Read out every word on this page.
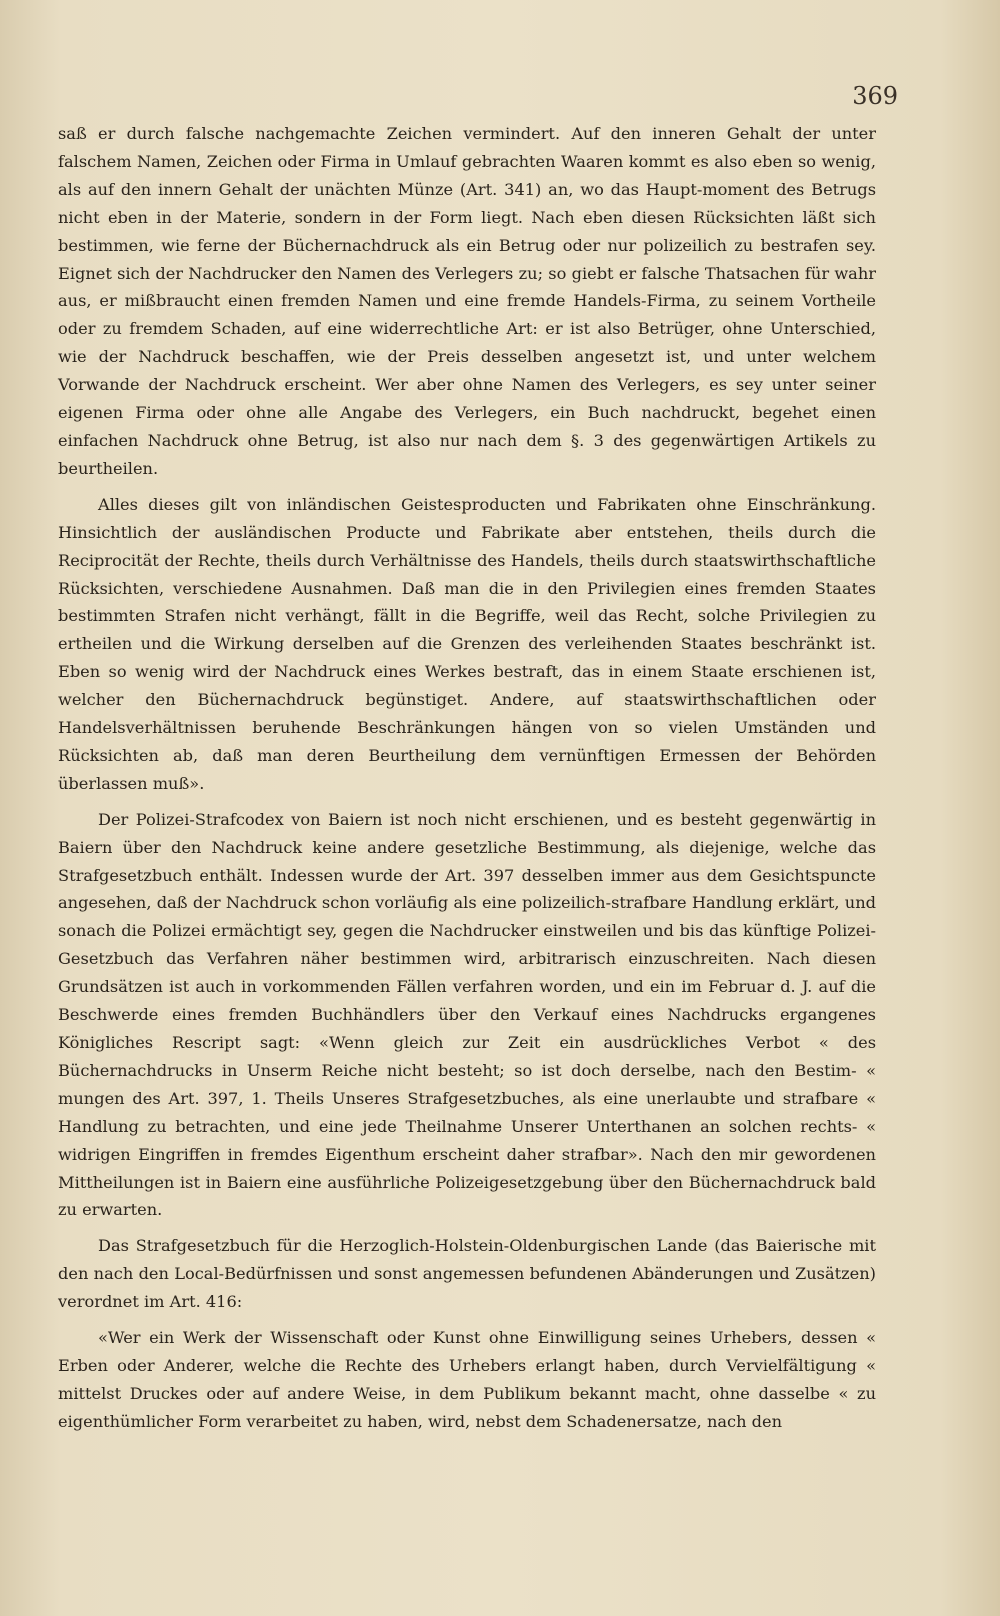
369

saß er durch falsche nachgemachte Zeichen vermindert. Auf den inneren Gehalt der unter falschem Namen, Zeichen oder Firma in Umlauf gebrachten Waaren kommt es also eben so wenig, als auf den innern Gehalt der unächten Münze (Art. 341) an, wo das Haupt-moment des Betrugs nicht eben in der Materie, sondern in der Form liegt. Nach eben diesen Rücksichten läßt sich bestimmen, wie ferne der Büchernachdruck als ein Betrug oder nur polizeilich zu bestrafen sey. Eignet sich der Nachdrucker den Namen des Verlegers zu; so giebt er falsche Thatsachen für wahr aus, er mißbraucht einen fremden Namen und eine fremde Handels-Firma, zu seinem Vortheile oder zu fremdem Schaden, auf eine widerrechtliche Art: er ist also Betrüger, ohne Unterschied, wie der Nachdruck beschaffen, wie der Preis desselben angesetzt ist, und unter welchem Vorwande der Nachdruck erscheint. Wer aber ohne Namen des Verlegers, es sey unter seiner eigenen Firma oder ohne alle Angabe des Verlegers, ein Buch nachdruckt, begehet einen einfachen Nachdruck ohne Betrug, ist also nur nach dem §. 3 des gegenwärtigen Artikels zu beurtheilen.

Alles dieses gilt von inländischen Geistesproducten und Fabrikaten ohne Einschränkung. Hinsichtlich der ausländischen Producte und Fabrikate aber entstehen, theils durch die Reciprocität der Rechte, theils durch Verhältnisse des Handels, theils durch staatswirthschaftliche Rücksichten, verschiedene Ausnahmen. Daß man die in den Privilegien eines fremden Staates bestimmten Strafen nicht verhängt, fällt in die Begriffe, weil das Recht, solche Privilegien zu ertheilen und die Wirkung derselben auf die Grenzen des verleihenden Staates beschränkt ist. Eben so wenig wird der Nachdruck eines Werkes bestraft, das in einem Staate erschienen ist, welcher den Büchernachdruck begünstiget. Andere, auf staatswirthschaftlichen oder Handelsverhältnissen beruhende Beschränkungen hängen von so vielen Umständen und Rücksichten ab, daß man deren Beurtheilung dem vernünftigen Ermessen der Behörden überlassen muß».

Der Polizei-Strafcodex von Baiern ist noch nicht erschienen, und es besteht gegenwärtig in Baiern über den Nachdruck keine andere gesetzliche Bestimmung, als diejenige, welche das Strafgesetzbuch enthält. Indessen wurde der Art. 397 desselben immer aus dem Gesichtspuncte angesehen, daß der Nachdruck schon vorläufig als eine polizeilich-strafbare Handlung erklärt, und sonach die Polizei ermächtigt sey, gegen die Nachdrucker einstweilen und bis das künftige Polizei-Gesetzbuch das Verfahren näher bestimmen wird, arbitrarisch einzuschreiten. Nach diesen Grundsätzen ist auch in vorkommenden Fällen verfahren worden, und ein im Februar d. J. auf die Beschwerde eines fremden Buchhändlers über den Verkauf eines Nachdrucks ergangenes Königliches Rescript sagt: «Wenn gleich zur Zeit ein ausdrückliches Verbot « des Büchernachdrucks in Unserm Reiche nicht besteht; so ist doch derselbe, nach den Bestim- « mungen des Art. 397, 1. Theils Unseres Strafgesetzbuches, als eine unerlaubte und strafbare « Handlung zu betrachten, und eine jede Theilnahme Unserer Unterthanen an solchen rechts- « widrigen Eingriffen in fremdes Eigenthum erscheint daher strafbar». Nach den mir gewordenen Mittheilungen ist in Baiern eine ausführliche Polizeigesetzgebung über den Büchernachdruck bald zu erwarten.

Das Strafgesetzbuch für die Herzoglich-Holstein-Oldenburgischen Lande (das Baierische mit den nach den Local-Bedürfnissen und sonst angemessen befundenen Abänderungen und Zusätzen) verordnet im Art. 416:

«Wer ein Werk der Wissenschaft oder Kunst ohne Einwilligung seines Urhebers, dessen « Erben oder Anderer, welche die Rechte des Urhebers erlangt haben, durch Vervielfältigung « mittelst Druckes oder auf andere Weise, in dem Publikum bekannt macht, ohne dasselbe « zu eigenthümlicher Form verarbeitet zu haben, wird, nebst dem Schadenersatze, nach den
